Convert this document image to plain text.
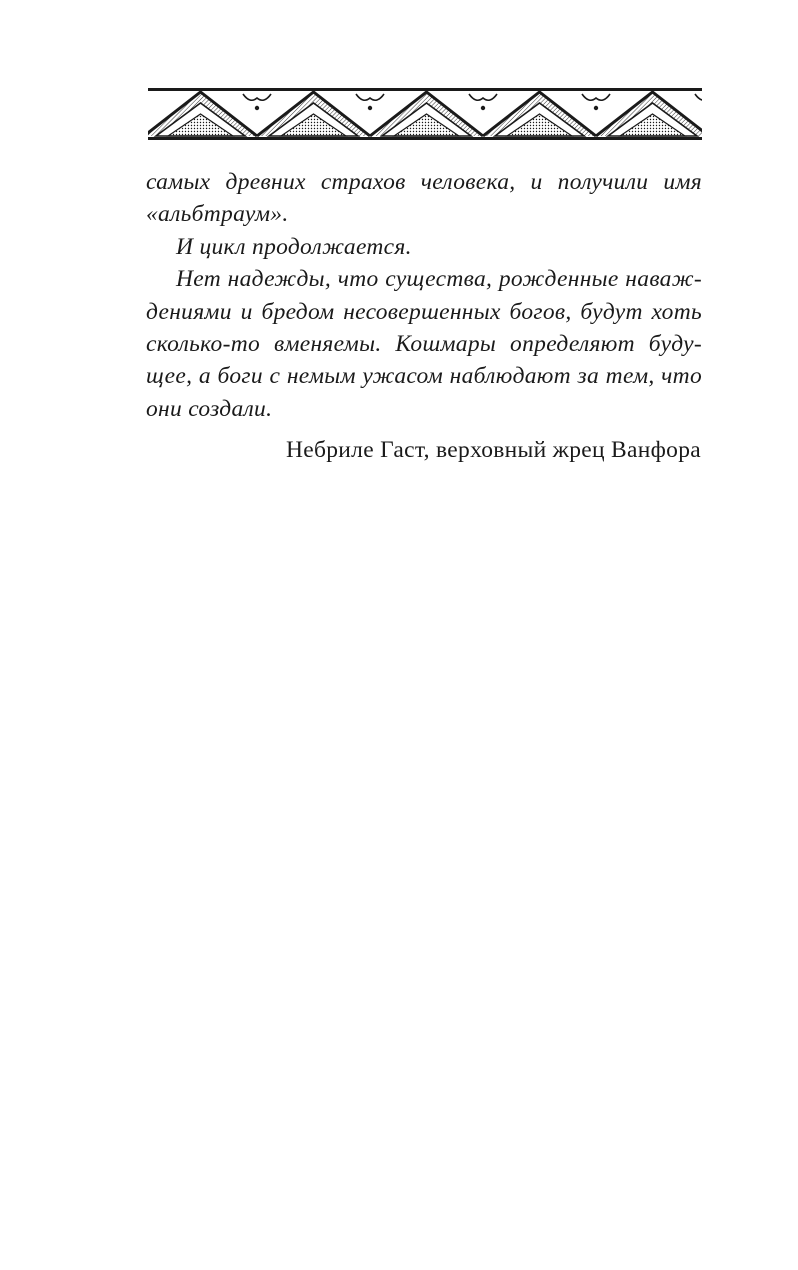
самых древних страхов человека, и получили имя
«альбтраум».
И цикл продолжается.
Нет надежды, что существа, рожденные наваж-
дениями и бредом несовершенных богов, будут хоть
сколько-то вменяемы. Кошмары определяют буду-
щее, а боги с немым ужасом наблюдают за тем, что
они создали.
Небриле Гаст, верховный жрец Ванфора
